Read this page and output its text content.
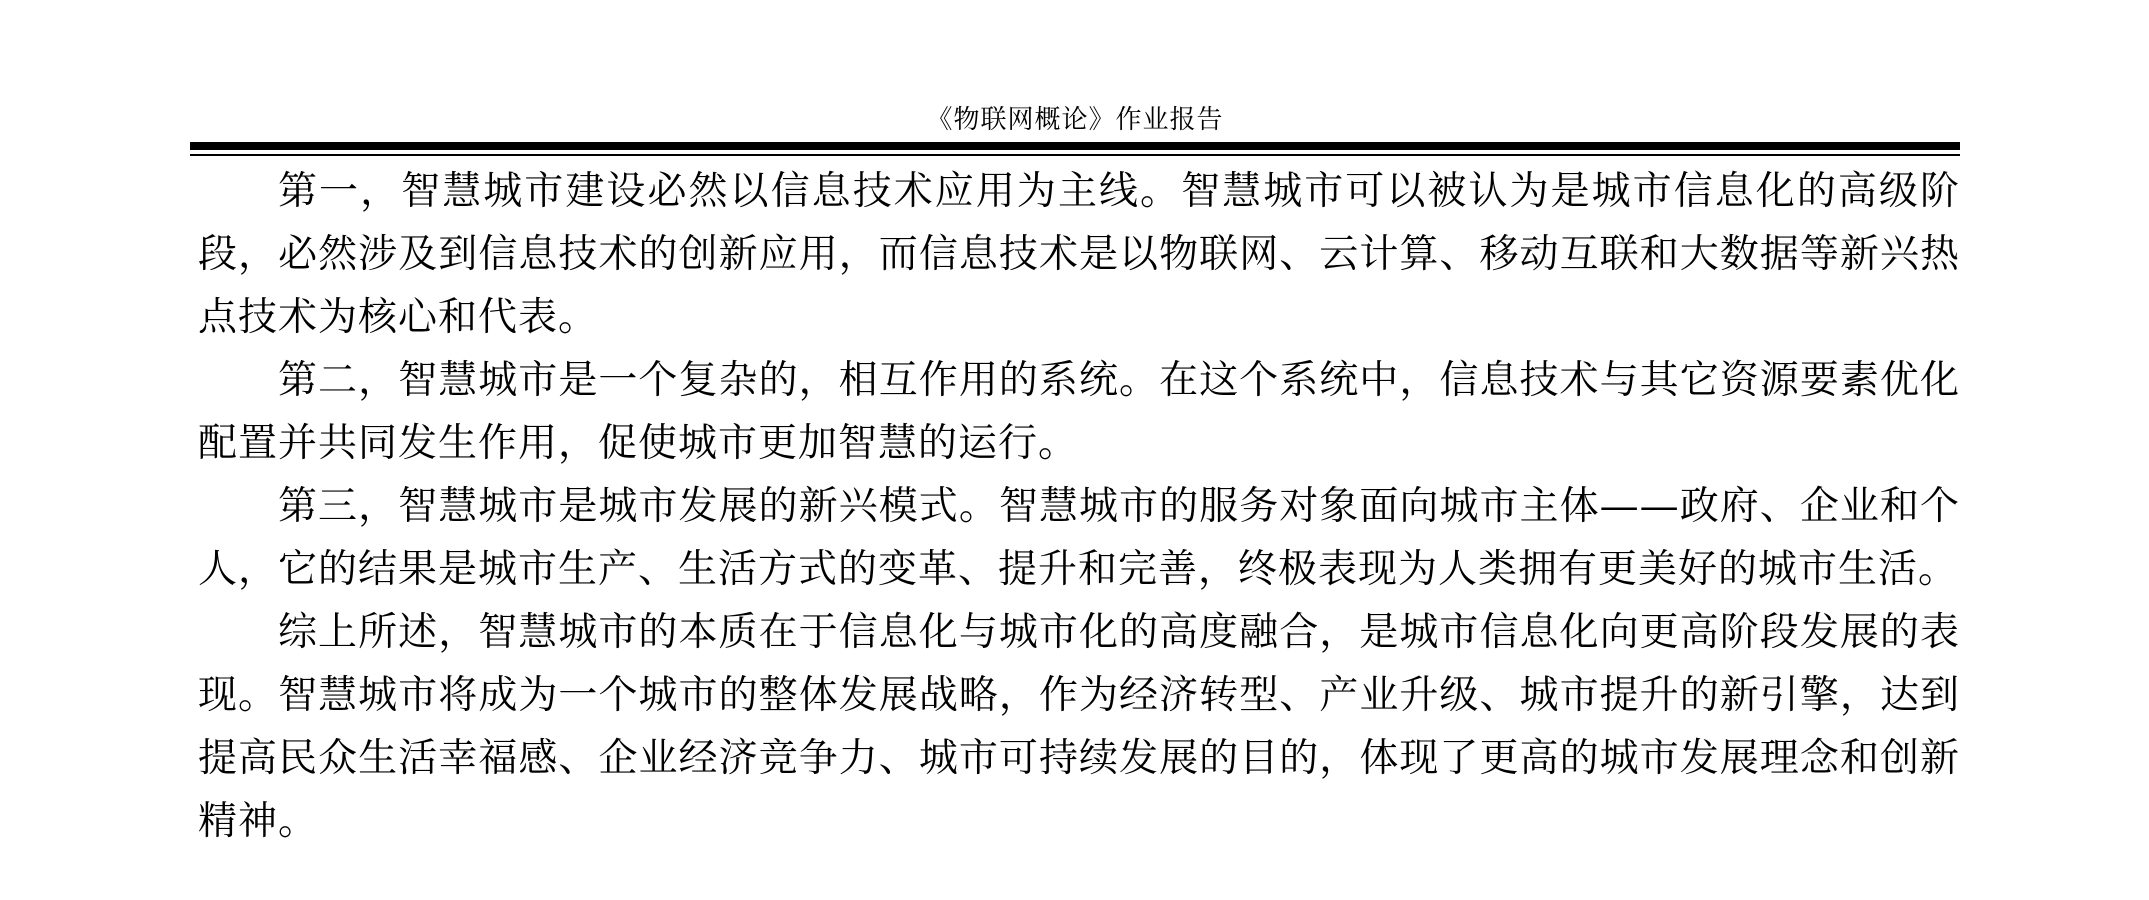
《物联网概论》作业报告

第一，智慧城市建设必然以信息技术应用为主线。智慧城市可以被认为是城市信息化的高级阶段，必然涉及到信息技术的创新应用，而信息技术是以物联网、云计算、移动互联和大数据等新兴热点技术为核心和代表。

第二，智慧城市是一个复杂的，相互作用的系统。在这个系统中，信息技术与其它资源要素优化配置并共同发生作用，促使城市更加智慧的运行。

第三，智慧城市是城市发展的新兴模式。智慧城市的服务对象面向城市主体——政府、企业和个人，它的结果是城市生产、生活方式的变革、提升和完善，终极表现为人类拥有更美好的城市生活。

综上所述，智慧城市的本质在于信息化与城市化的高度融合，是城市信息化向更高阶段发展的表现。智慧城市将成为一个城市的整体发展战略，作为经济转型、产业升级、城市提升的新引擎，达到提高民众生活幸福感、企业经济竞争力、城市可持续发展的目的，体现了更高的城市发展理念和创新精神。
